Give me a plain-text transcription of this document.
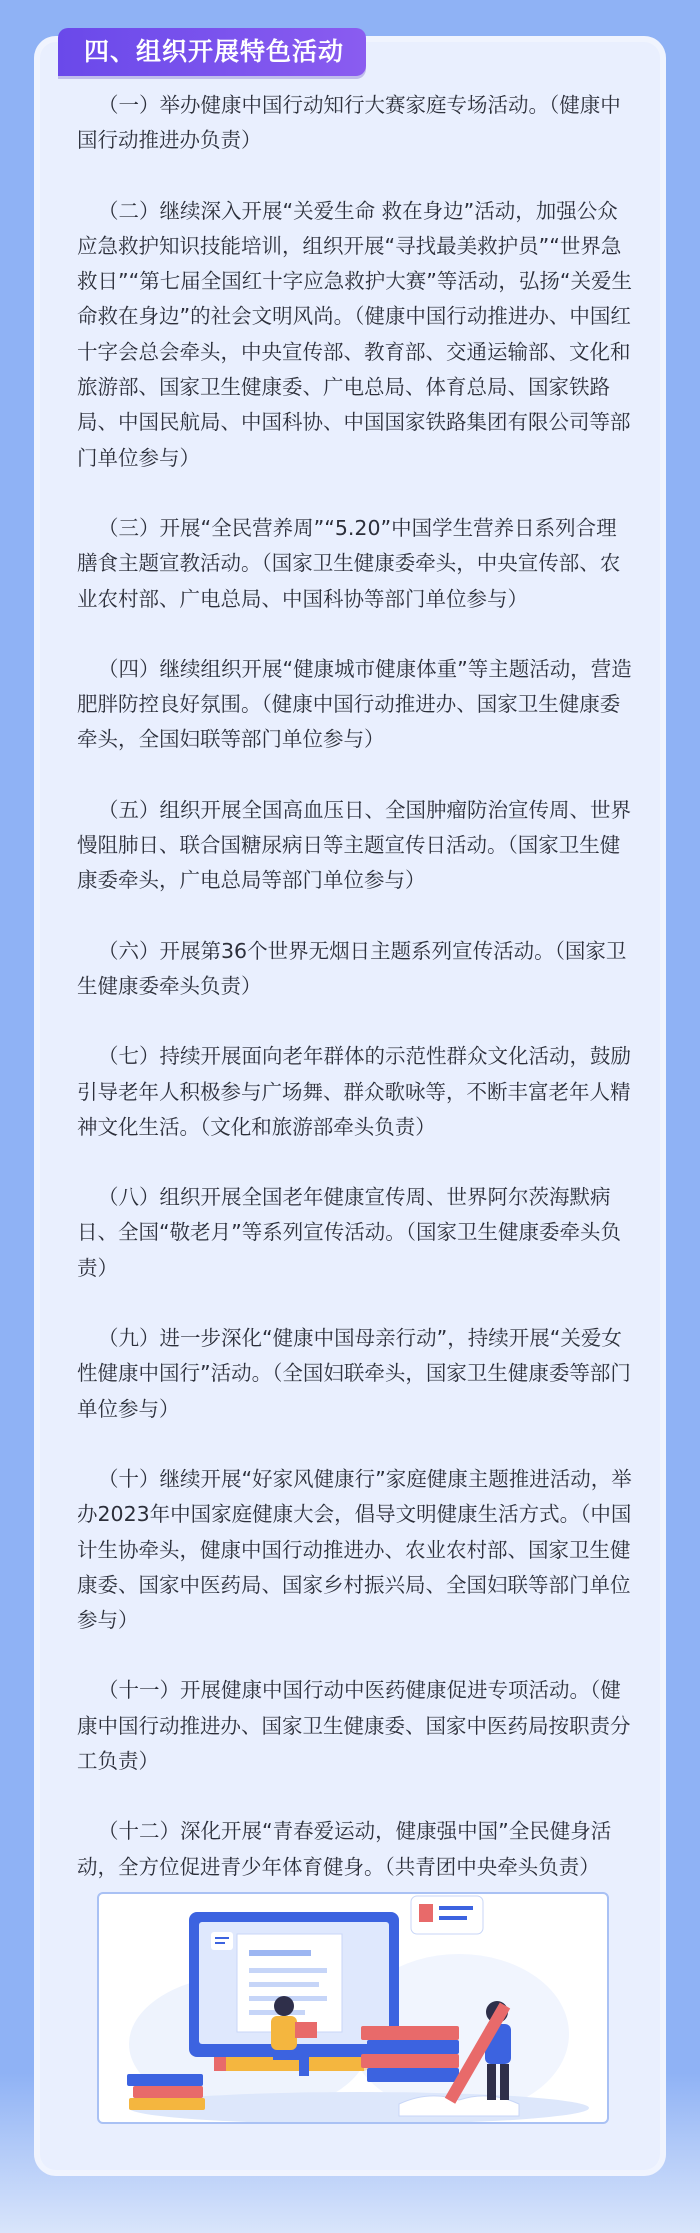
四、组织开展特色活动

（一）举办健康中国行动知行大赛家庭专场活动。（健康中国行动推进办负责）

（二）继续深入开展“关爱生命 救在身边”活动，加强公众应急救护知识技能培训，组织开展“寻找最美救护员”“世界急救日”“第七届全国红十字应急救护大赛”等活动，弘扬“关爱生命救在身边”的社会文明风尚。（健康中国行动推进办、中国红十字会总会牵头，中央宣传部、教育部、交通运输部、文化和旅游部、国家卫生健康委、广电总局、体育总局、国家铁路局、中国民航局、中国科协、中国国家铁路集团有限公司等部门单位参与）

（三）开展“全民营养周”“5.20”中国学生营养日系列合理膳食主题宣教活动。（国家卫生健康委牵头，中央宣传部、农业农村部、广电总局、中国科协等部门单位参与）

（四）继续组织开展“健康城市健康体重”等主题活动，营造肥胖防控良好氛围。（健康中国行动推进办、国家卫生健康委牵头，全国妇联等部门单位参与）

（五）组织开展全国高血压日、全国肿瘤防治宣传周、世界慢阻肺日、联合国糖尿病日等主题宣传日活动。（国家卫生健康委牵头，广电总局等部门单位参与）

（六）开展第36个世界无烟日主题系列宣传活动。（国家卫生健康委牵头负责）

（七）持续开展面向老年群体的示范性群众文化活动，鼓励引导老年人积极参与广场舞、群众歌咏等，不断丰富老年人精神文化生活。（文化和旅游部牵头负责）

（八）组织开展全国老年健康宣传周、世界阿尔茨海默病日、全国“敬老月”等系列宣传活动。（国家卫生健康委牵头负责）

（九）进一步深化“健康中国母亲行动”，持续开展“关爱女性健康中国行”活动。（全国妇联牵头，国家卫生健康委等部门单位参与）

（十）继续开展“好家风健康行”家庭健康主题推进活动，举办2023年中国家庭健康大会，倡导文明健康生活方式。（中国计生协牵头，健康中国行动推进办、农业农村部、国家卫生健康委、国家中医药局、国家乡村振兴局、全国妇联等部门单位参与）

（十一）开展健康中国行动中医药健康促进专项活动。（健康中国行动推进办、国家卫生健康委、国家中医药局按职责分工负责）

（十二）深化开展“青春爱运动，健康强中国”全民健身活动，全方位促进青少年体育健身。（共青团中央牵头负责）
